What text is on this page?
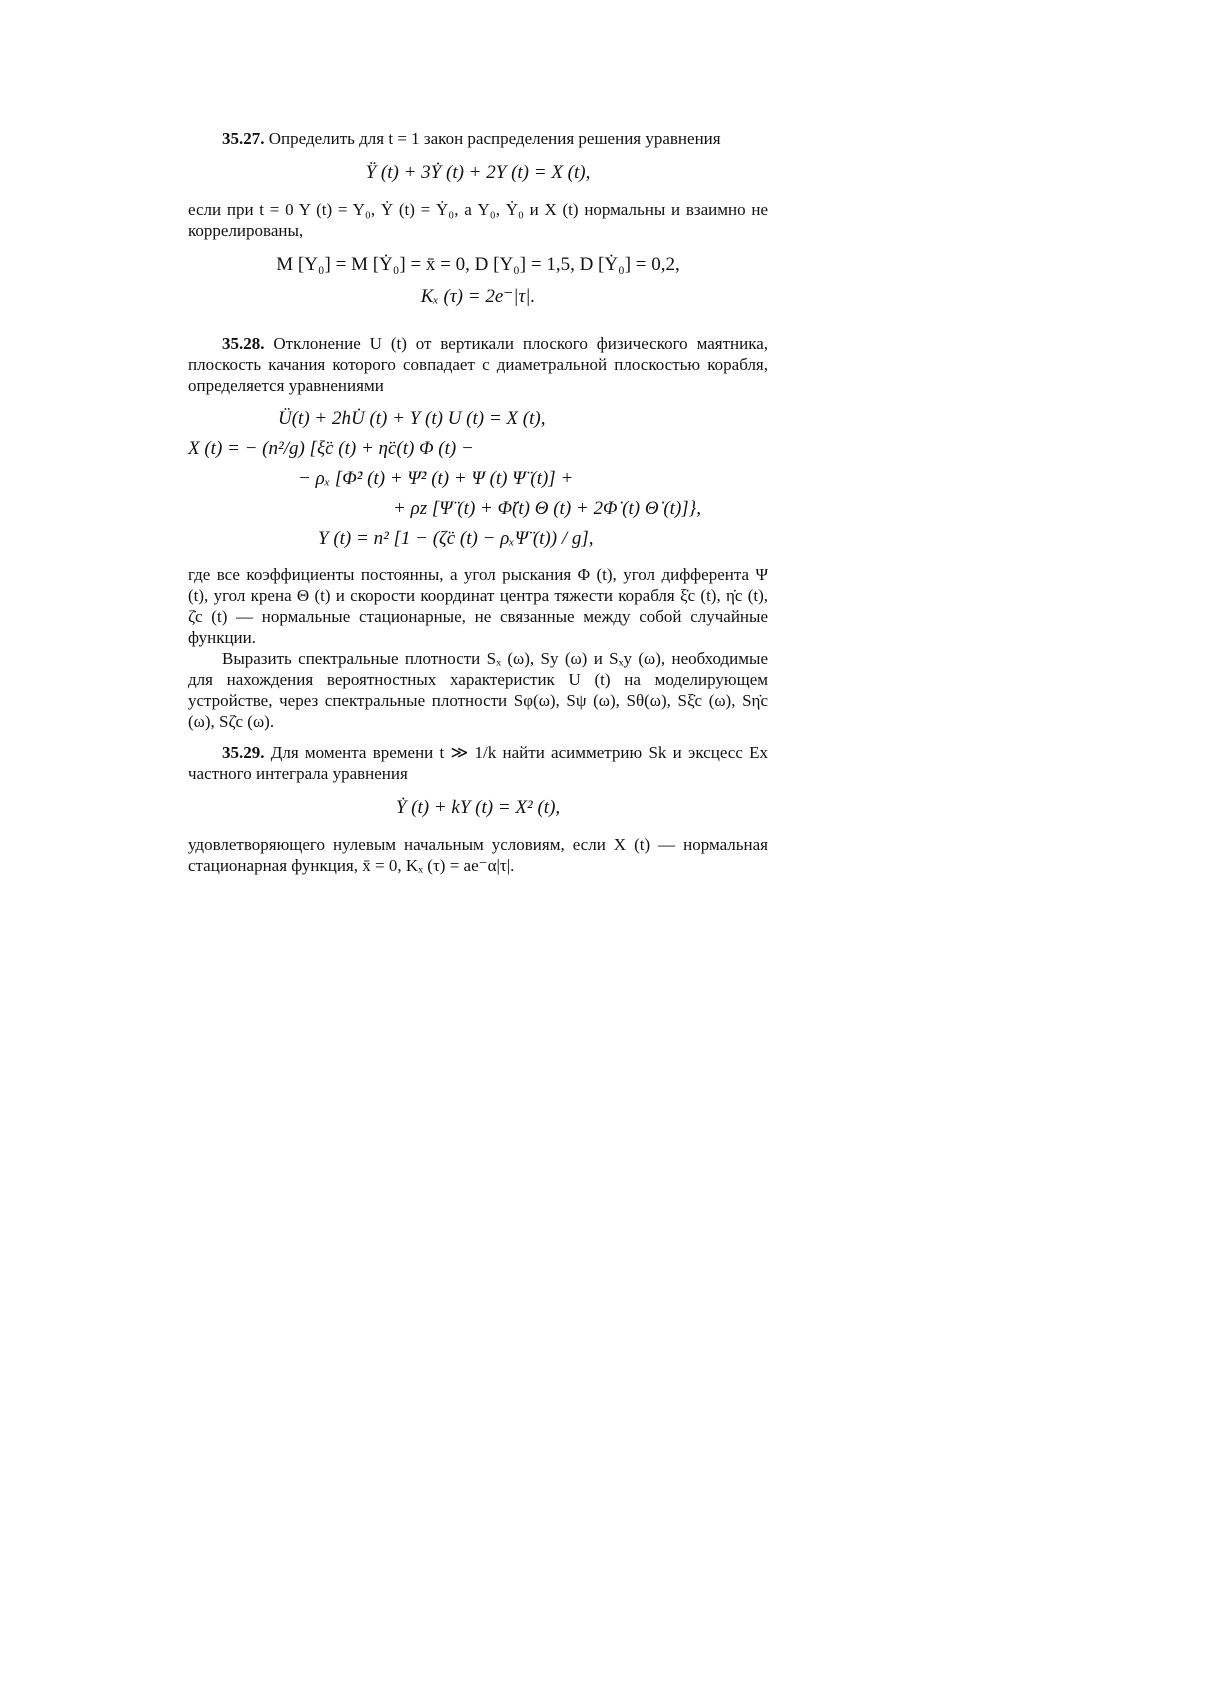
35.27. Определить для t = 1 закон распределения решения уравнения

Ÿ (t) + 3Ẏ (t) + 2Y (t) = X (t),

если при t = 0 Y (t) = Y₀, Ẏ (t) = Ẏ₀, а Y₀, Ẏ₀ и X (t) нормальны и взаимно не коррелированы,

M [Y₀] = M [Ẏ₀] = x̄ = 0, D [Y₀] = 1,5, D [Ẏ₀] = 0,2,
Kₓ (τ) = 2e⁻|τ|.

35.28. Отклонение U (t) от вертикали плоского физического маятника, плоскость качания которого совпадает с диаметральной плоскостью корабля, определяется уравнениями

Ü(t) + 2hU̇ (t) + Y (t) U (t) = X (t),
X (t) = − (n²/g) [ξ̈c (t) + η̈c(t) Φ (t) −
− ρₓ [Φ̇² (t) + Ψ̇² (t) + Ψ (t) Ψ̈ (t)] +
+ ρz [Ψ̈ (t) + Φ̈(t) Θ (t) + 2Φ̇ (t) Θ̇ (t)]},
Y (t) = n² [1 − (ζ̈c (t) − ρₓΨ̈ (t)) / g],

где все коэффициенты постоянны, а угол рыскания Φ (t), угол дифферента Ψ (t), угол крена Θ (t) и скорости координат центра тяжести корабля ξ̇c (t), η̇c (t), ζ̇c (t) — нормальные стационарные, не связанные между собой случайные функции.

Выразить спектральные плотности Sₓ (ω), Sy (ω) и Sₓy (ω), необходимые для нахождения вероятностных характеристик U (t) на моделирующем устройстве, через спектральные плотности Sφ(ω), Sψ (ω), Sθ(ω), Sξ̇c (ω), Sη̇c (ω), Sζ̇c (ω).

35.29. Для момента времени t ≫ 1/k найти асимметрию Sk и эксцесс Ex частного интеграла уравнения

Ẏ (t) + kY (t) = X² (t),

удовлетворяющего нулевым начальным условиям, если X (t) — нормальная стационарная функция, x̄ = 0, Kₓ (τ) = ae⁻α|τ|.
